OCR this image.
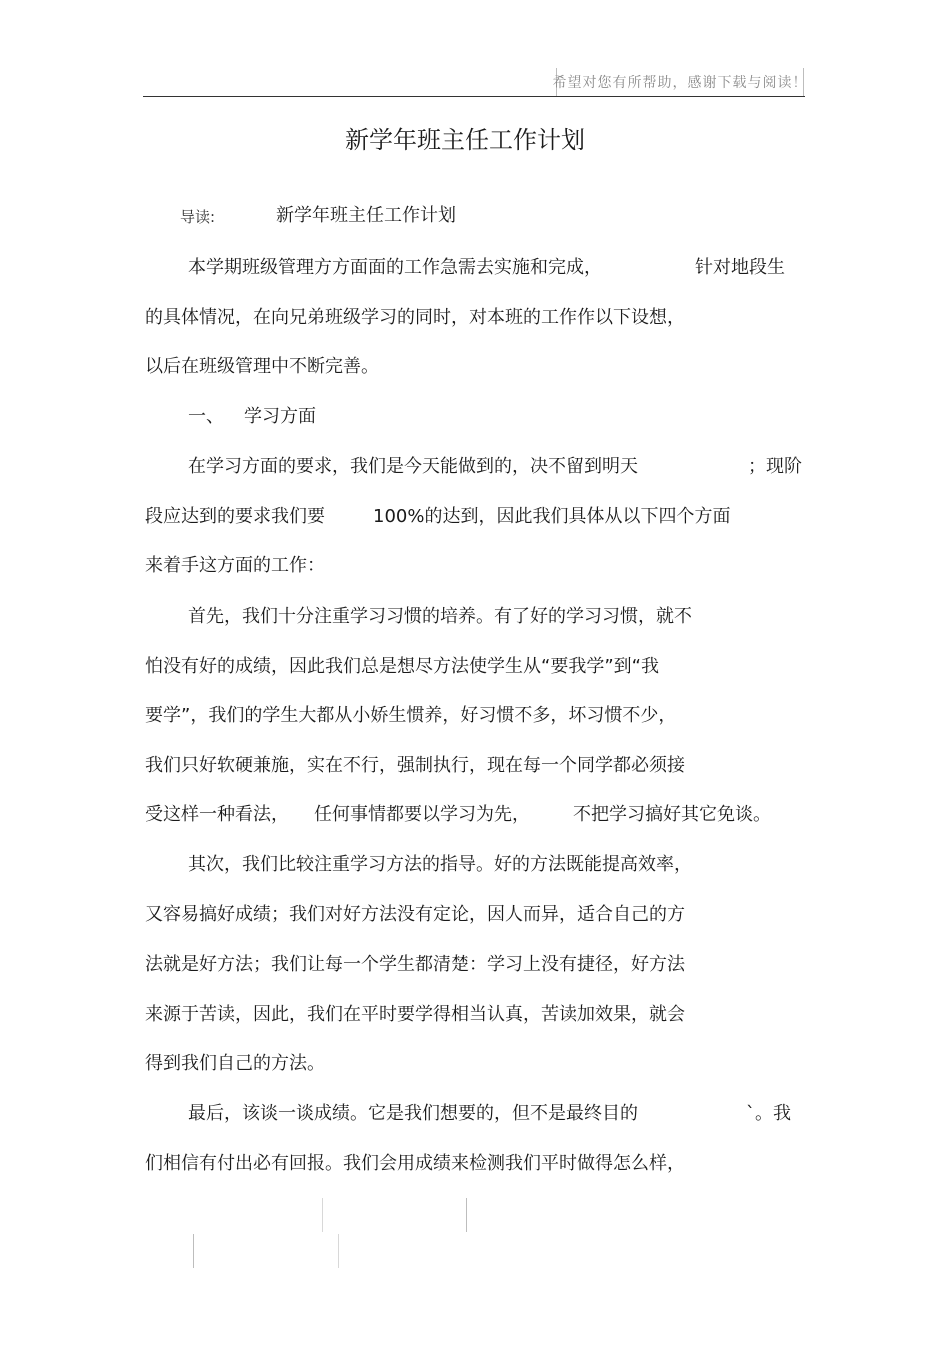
希望对您有所帮助，感谢下载与阅读！
新学年班主任工作计划
导读:	新学年班主任工作计划
本学期班级管理方方面面的工作急需去实施和完成，	针对地段生
的具体情况，在向兄弟班级学习的同时，对本班的工作作以下设想，
以后在班级管理中不断完善。
一、 学习方面
在学习方面的要求，我们是今天能做到的，决不留到明天	；现阶
段应达到的要求我们要	100%的达到，因此我们具体从以下四个方面
来着手这方面的工作：
首先，我们十分注重学习习惯的培养。有了好的学习习惯，就不
怕没有好的成绩，因此我们总是想尽方法使学生从“要我学”到“我
要学”，我们的学生大都从小娇生惯养，好习惯不多，坏习惯不少，
我们只好软硬兼施，实在不行，强制执行，现在每一个同学都必须接
受这样一种看法， 任何事情都要以学习为先， 不把学习搞好其它免谈。
其次，我们比较注重学习方法的指导。好的方法既能提高效率，
又容易搞好成绩；我们对好方法没有定论，因人而异，适合自己的方
法就是好方法；我们让每一个学生都清楚：学习上没有捷径，好方法
来源于苦读，因此，我们在平时要学得相当认真，苦读加效果，就会
得到我们自己的方法。
最后，该谈一谈成绩。它是我们想要的，但不是最终目的	`。我
们相信有付出必有回报。我们会用成绩来检测我们平时做得怎么样，
